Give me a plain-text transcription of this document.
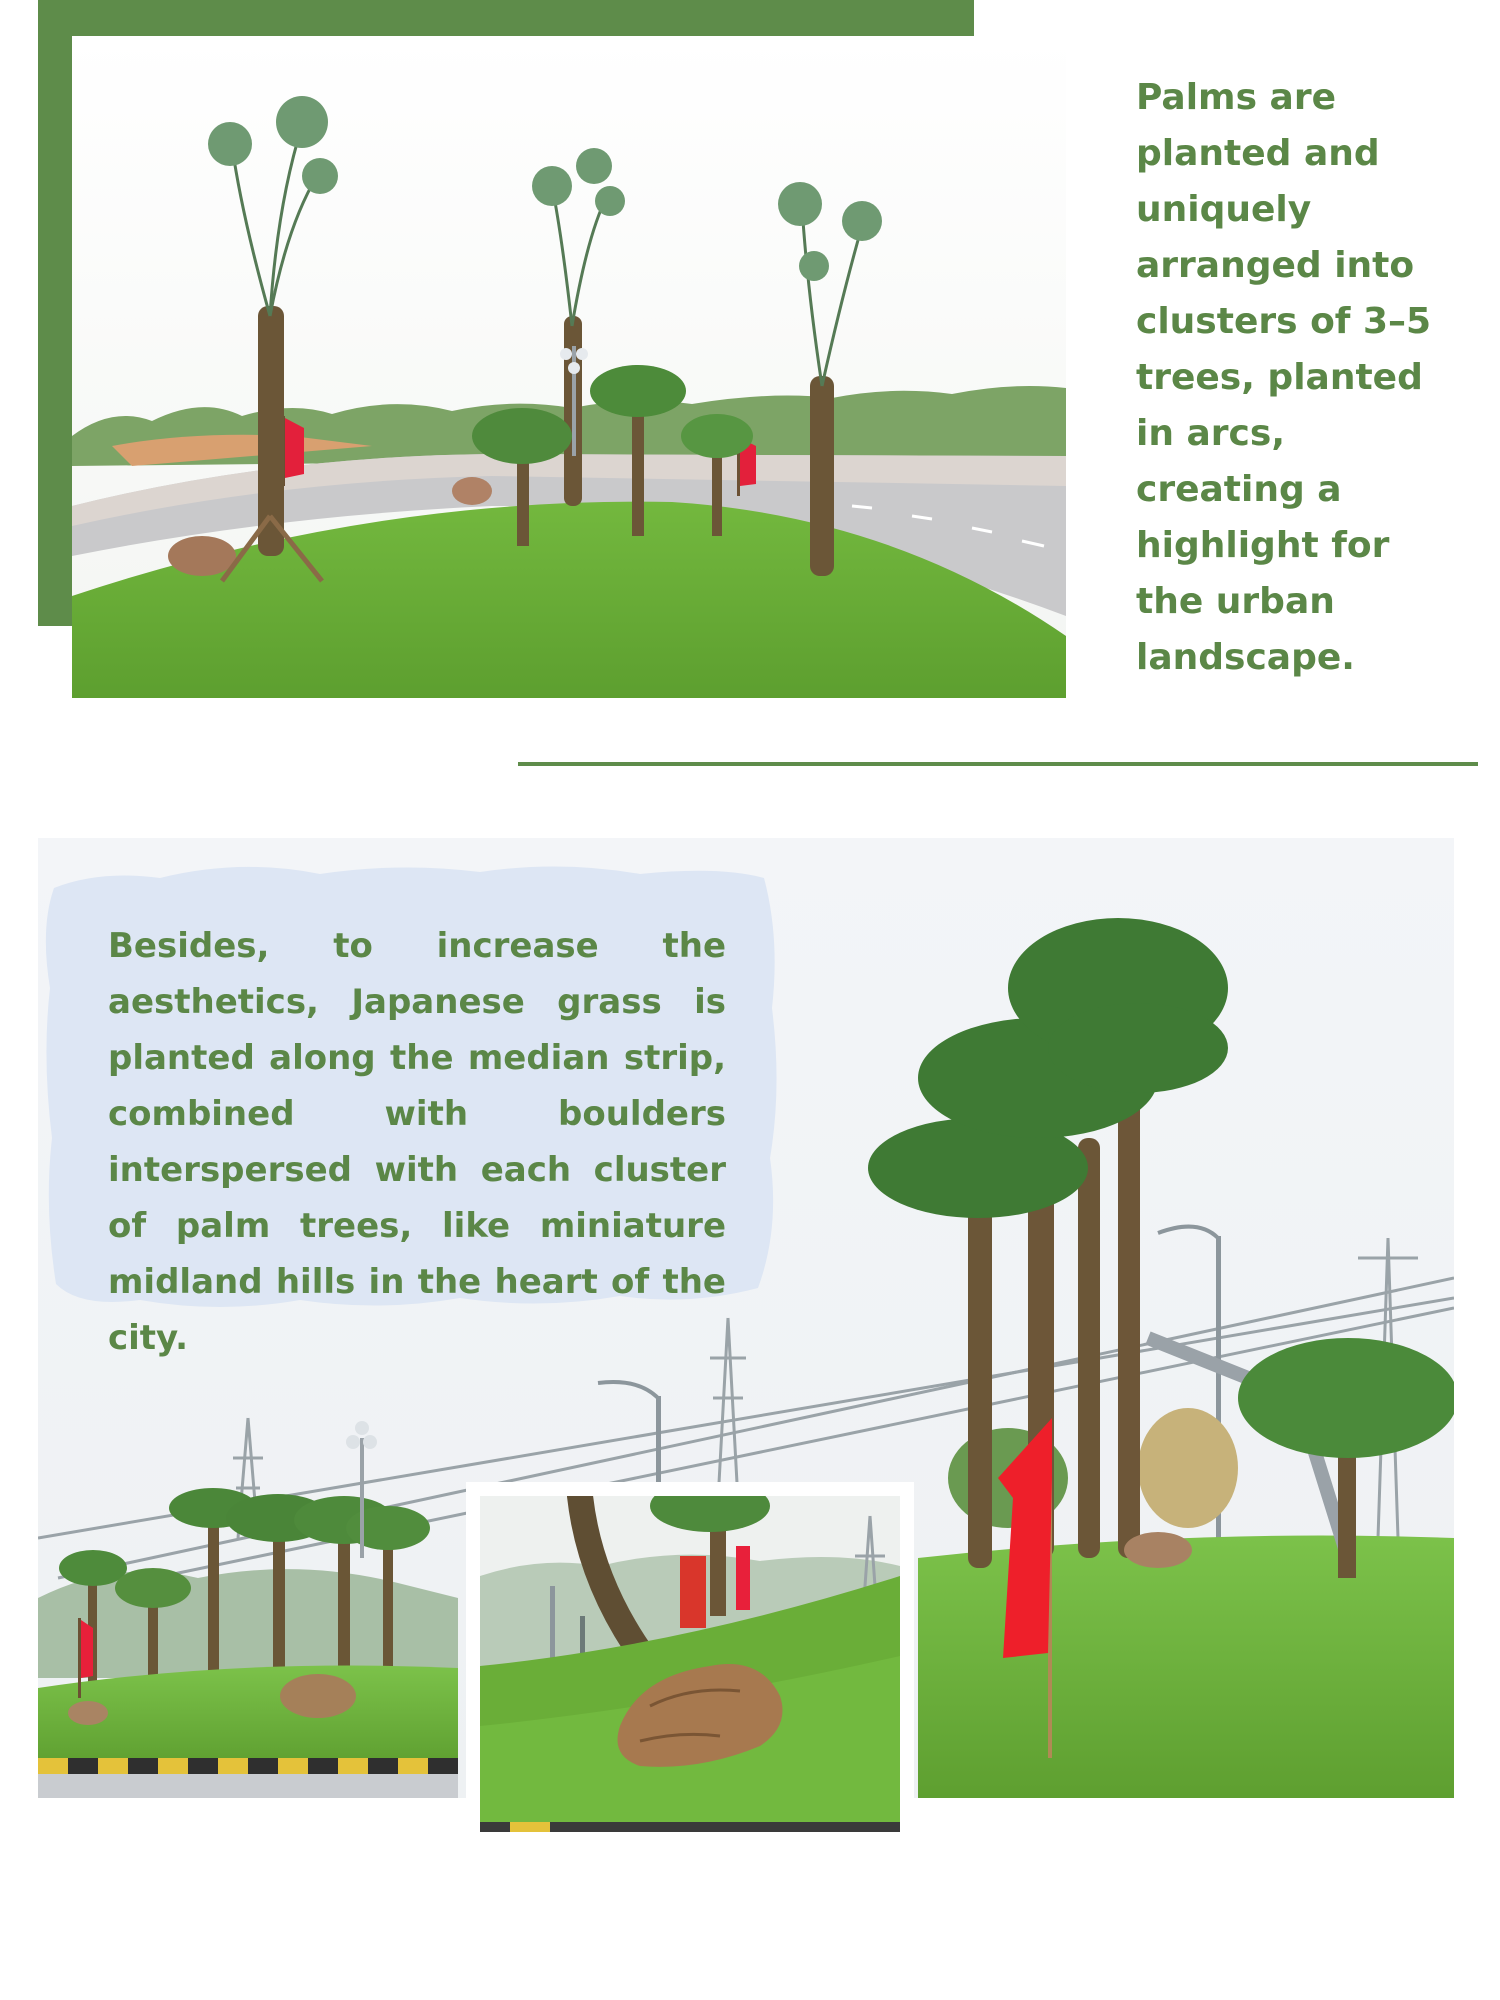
Palms are planted and uniquely arranged into clusters of 3–5 trees, planted in arcs, creating a highlight for the urban landscape.

Besides, to increase the aesthetics, Japanese grass is planted along the median strip, combined with boulders interspersed with each cluster of palm trees, like miniature midland hills in the heart of the city.
